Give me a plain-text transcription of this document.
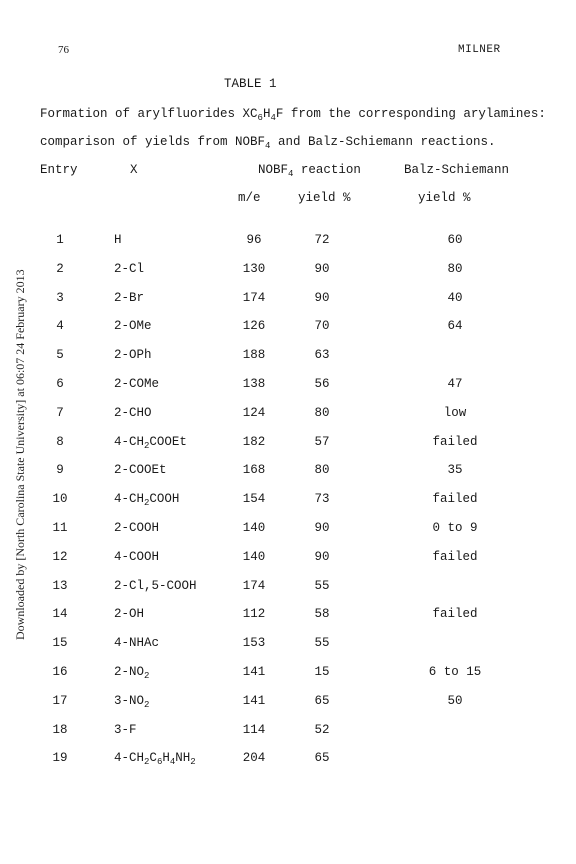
76	MILNER
Downloaded by [North Carolina State University] at 06:07 24 February 2013
TABLE 1
Formation of arylfluorides $XC_6H_4F$ from the corresponding arylamines:
comparison of yields from $NOBF_4$ and Balz-Schiemann reactions.
Entry	X	$NOBF_4$ reaction	Balz-Schiemann
m/e	yield %	yield %
1	H	96	72	60
2	2-Cl	130	90	80
3	2-Br	174	90	40
4	2-OMe	126	70	64
5	2-OPh	188	63
6	2-COMe	138	56	47
7	2-CHO	124	80	low
8	$4-CH_2COOEt$	182	57	failed
9	2-COOEt	168	80	35
10	$4-CH_2COOH$	154	73	failed
11	2-COOH	140	90	0 to 9
12	4-COOH	140	90	failed
13	2-Cl,5-COOH	174	55
14	2-OH	112	58	failed
15	4-NHAc	153	55
16	$2-NO_2$	141	15	6 to 15
17	$3-NO_2$	141	65	50
18	3-F	114	52
19	$4-CH_2C_6H_4NH_2$	204	65
